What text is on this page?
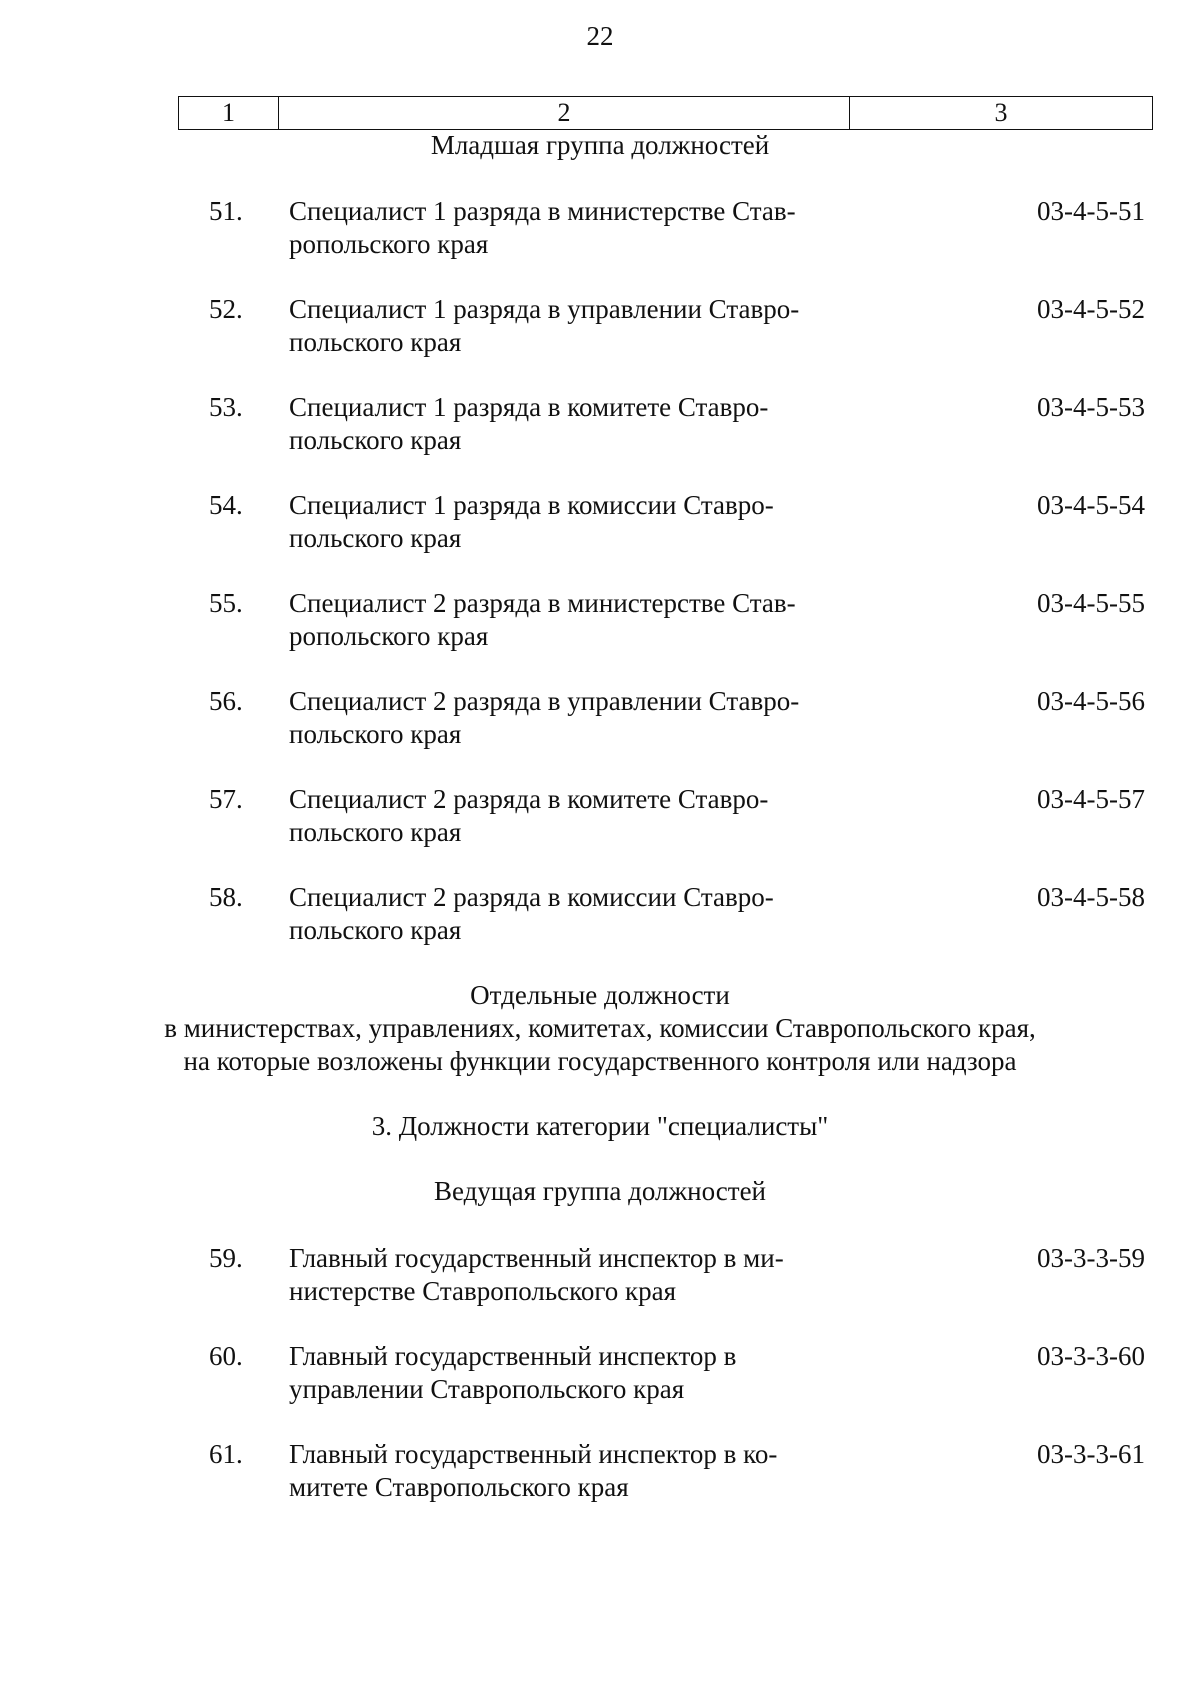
22
1	2	3
Младшая группа должностей
51. Специалист 1 разряда в министерстве Став-
ропольского края
03-4-5-51
52. Специалист 1 разряда в управлении Ставро-
польского края
03-4-5-52
53. Специалист 1 разряда в комитете Ставро-
польского края
03-4-5-53
54. Специалист 1 разряда в комиссии Ставро-
польского края
03-4-5-54
55. Специалист 2 разряда в министерстве Став-
ропольского края
03-4-5-55
56. Специалист 2 разряда в управлении Ставро-
польского края
03-4-5-56
57. Специалист 2 разряда в комитете Ставро-
польского края
03-4-5-57
58. Специалист 2 разряда в комиссии Ставро-
польского края
03-4-5-58
Отдельные должности
в министерствах, управлениях, комитетах, комиссии Ставропольского края,
на которые возложены функции государственного контроля или надзора
3. Должности категории "специалисты"
Ведущая группа должностей
59. Главный государственный инспектор в ми-
нистерстве Ставропольского края
03-3-3-59
60. Главный государственный инспектор в
управлении Ставропольского края
03-3-3-60
61. Главный государственный инспектор в ко-
митете Ставропольского края
03-3-3-61
